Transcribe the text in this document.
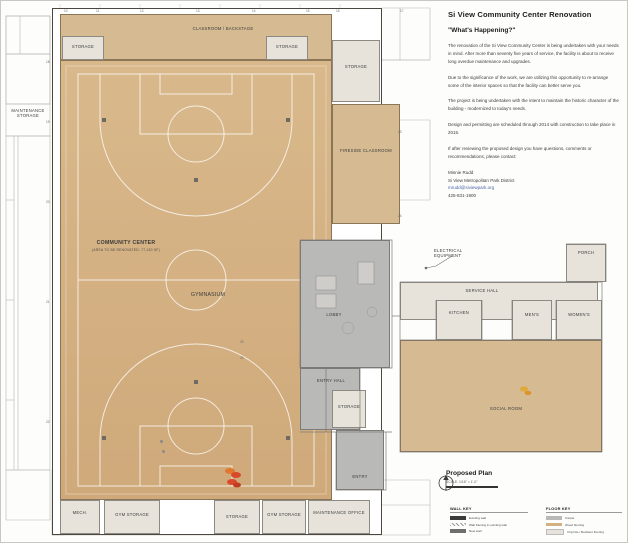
CLASSROOM / BACKSTAGE
STORAGE	STORAGE
COMMUNITY CENTER
(AREA TO BE RENOVATED: 77,130 SF)
GYMNASIUM
STORAGE
FIRESIDE CLASSROOM
LOBBY
ENTRY HALL
ENTRY
STORAGE
SERVICE HALL
KITCHEN	MEN'S	WOMEN'S
SOCIAL ROOM
PORCH
ELECTRICAL EQUIPMENT
MAINTENANCE STORAGE
MECH.	GYM STORAGE	STORAGE	GYM STORAGE	MAINTENANCE OFFICE
10	11	12	13	14	15	16	17
18
19
20
21
22
23
24
25
26
Si View Community Center Renovation
"What's Happening?"

The renovation of the Si View Community Center is being undertaken with your needs in mind. After more than seventy five years of service, the facility is about to receive long overdue maintenance and upgrades.

Due to the significance of the work, we are utilizing this opportunity to re-arrange some of the interior spaces so that the facility can better serve you.

The project is being undertaken with the intent to maintain the historic character of the building - modernized to today's needs.

Design and permitting are scheduled through 2014 with construction to take place in 2015.

If after reviewing the proposed design you have questions, comments or recommendations, please contact:

Minnie Rudd
Si View Metropolitan Park District
mrudd@siviewpark.org
425-831-1900
Proposed Plan
SCALE: 1/16" = 1'-0"
WALL KEY
Existing wall
Wall framing in existing wall
New wall
FLOOR KEY
Carpet
Wood flooring
Vinyl tile / Resilient flooring
